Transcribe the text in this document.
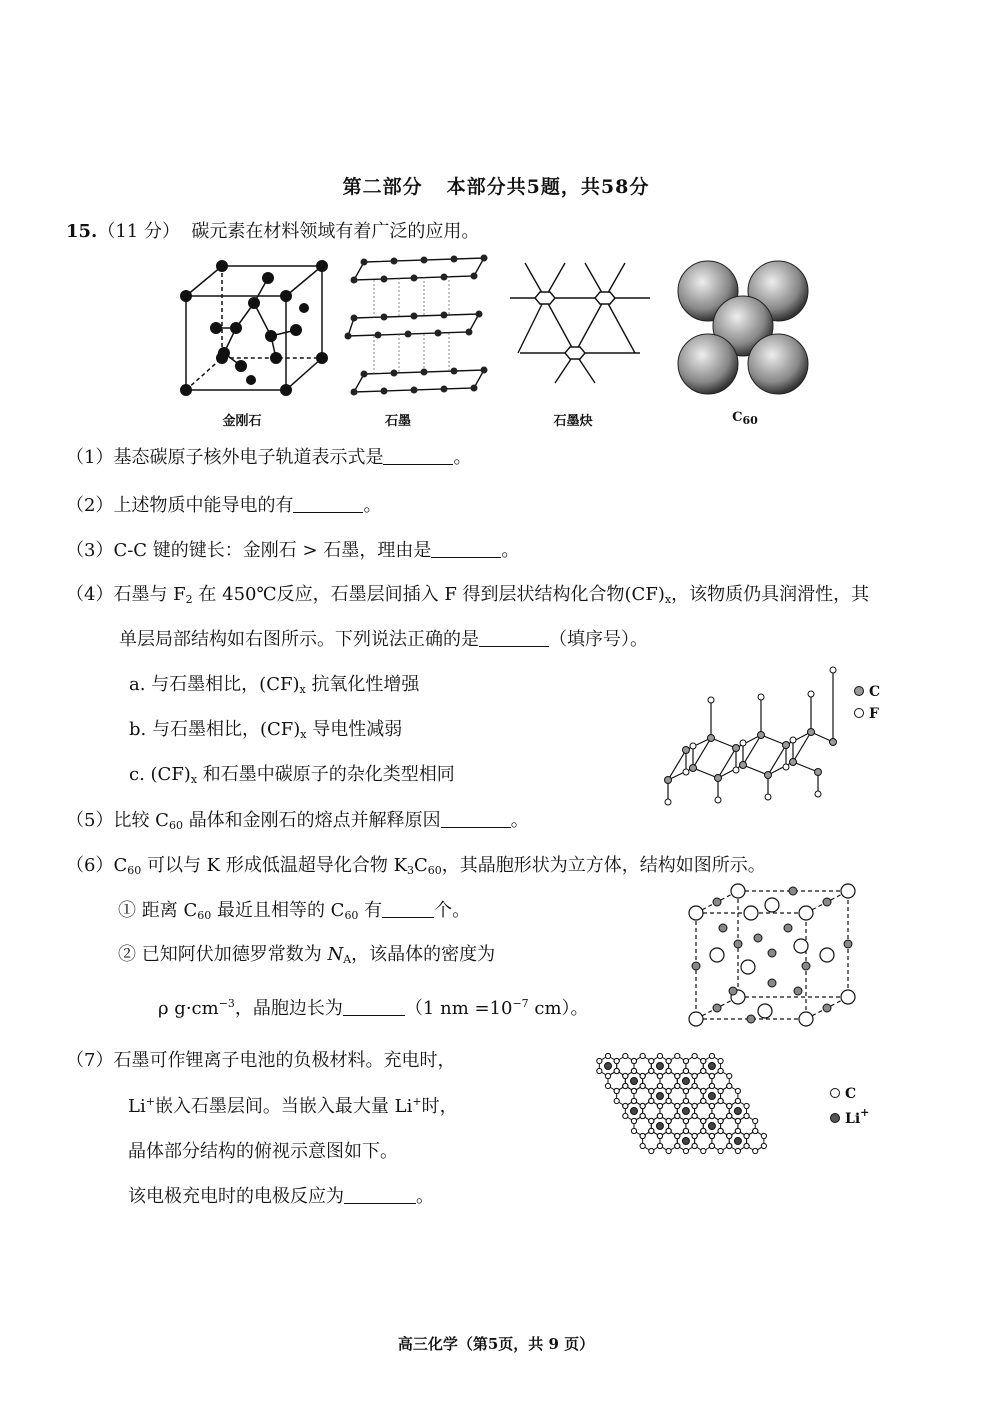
第二部分 本部分共5题，共58分
15.（11 分） 碳元素在材料领域有着广泛的应用。
金刚石	石墨	石墨炔	$C_{60}$
（1）基态碳原子核外电子轨道表示式是	。
（2）上述物质中能导电的有	。
（3）C-C 键的键长：金刚石 > 石墨，理由是	。
（4）石墨与 $F_2$ 在 450℃反应，石墨层间插入 F 得到层状结构化合物$(CF)_x$，该物质仍具润滑性，其
单层局部结构如右图所示。下列说法正确的是	（填序号）。
a. 与石墨相比，$(CF)_x$ 抗氧化性增强
b. 与石墨相比，$(CF)_x$ 导电性减弱
c. $(CF)_x$ 和石墨中碳原子的杂化类型相同
C
F
（5）比较 $C_{60}$ 晶体和金刚石的熔点并解释原因	。
$(6)C_{60}$ 可以与 K 形成低温超导化合物 $K_3C_{60}$，其晶胞形状为立方体，结构如图所示。
① 距离 $C_{60}$ 最近且相等的 $C_{60}$ 有	个。
② 已知阿伏加德罗常数为 $N_A$，该晶体的密度为
ρ $g\cdot cm^{-3}$，晶胞边长为	（1 nm $=10^{-7}$ cm）。
（7）石墨可作锂离子电池的负极材料。充电时，
Li+嵌入石墨层间。当嵌入最大量 Li+时，
晶体部分结构的俯视示意图如下。
该电极充电时的电极反应为	。
C
Li+
高三化学（第5页，共 9 页）
